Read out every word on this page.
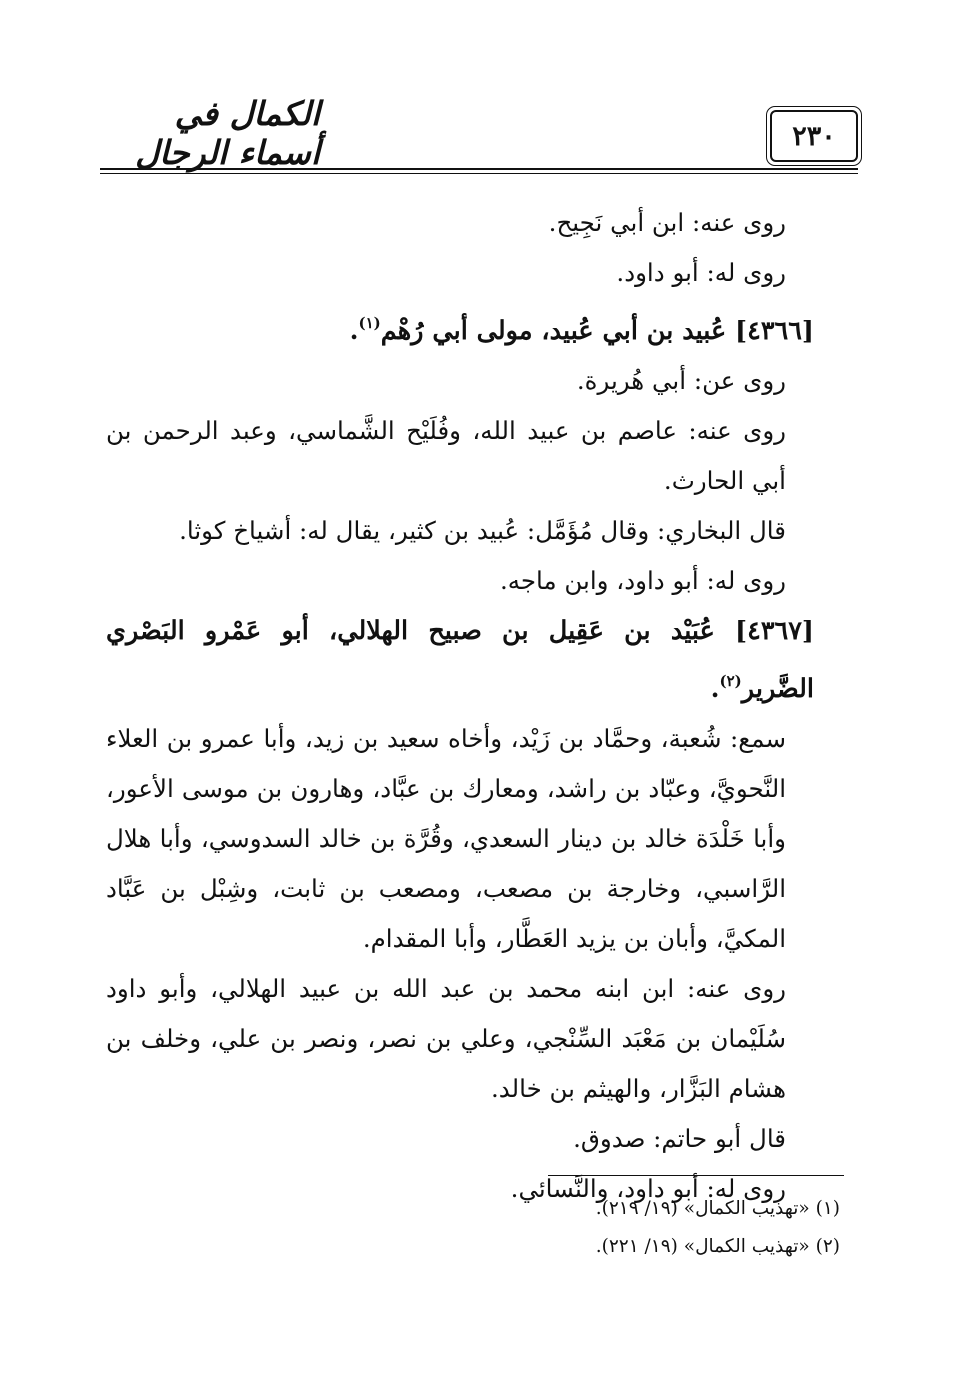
٢٣٠
الكمال في أسماء الرجال

روى عنه: ابن أبي نَجِيح.

روى له: أبو داود.

[٤٣٦٦] عُبيد بن أبي عُبيد، مولى أبي رُهْم$^{(١)}$.

روى عن: أبي هُريرة.

روى عنه: عاصم بن عبيد الله، وفُلَيْح الشَّماسي، وعبد الرحمن بن أبي الحارث.

قال البخاري: وقال مُؤَمَّل: عُبيد بن كثير، يقال له: أشياخ كوثا.

روى له: أبو داود، وابن ماجه.

[٤٣٦٧] عُبَيْد بن عَقِيل بن صبيح الهلالي، أبو عَمْرو البَصْري الضَّرير$^{(٢)}$.

سمع: شُعبة، وحمَّاد بن زَيْد، وأخاه سعيد بن زيد، وأبا عمرو بن العلاء النَّحويَّ، وعبّاد بن راشد، ومعارك بن عبَّاد، وهارون بن موسى الأعور، وأبا خَلْدَة خالد بن دينار السعدي، وقُرَّة بن خالد السدوسي، وأبا هلال الرَّاسبي، وخارجة بن مصعب، ومصعب بن ثابت، وشِبْل بن عَبَّاد المكيَّ، وأبان بن يزيد العَطَّار، وأبا المقدام.

روى عنه: ابن ابنه محمد بن عبد الله بن عبيد الهلالي، وأبو داود سُلَيْمان بن مَعْبَد السِّنْجي، وعلي بن نصر، ونصر بن علي، وخلف بن هشام البَزَّار، والهيثم بن خالد.

قال أبو حاتم: صدوق.

روى له: أبو داود، والنَّسائي.

(١) «تهذيب الكمال» (١٩/ ٢١٩).

(٢) «تهذيب الكمال» (١٩/ ٢٢١).
